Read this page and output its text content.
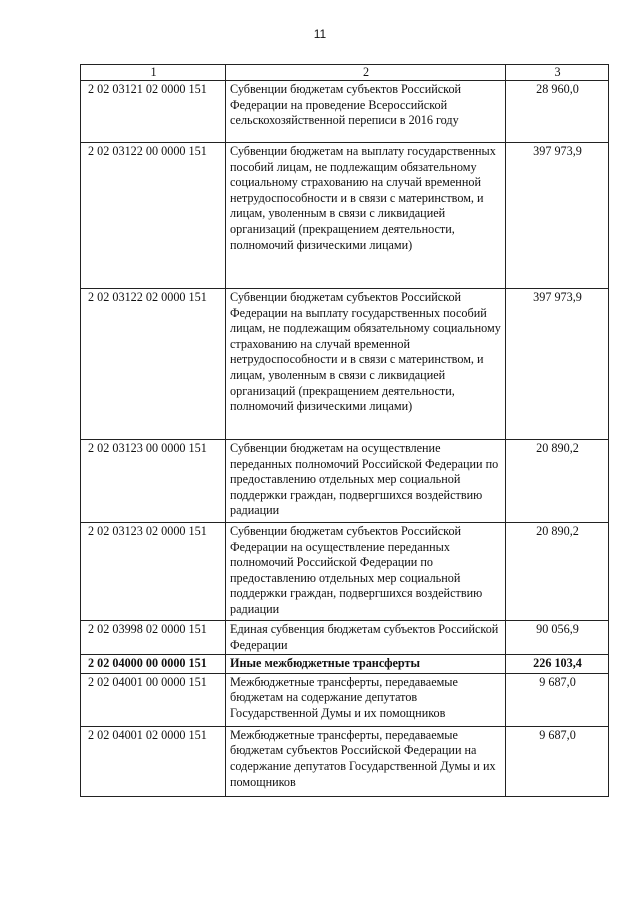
11
1	2	3
2 02 03121 02 0000 151	Субвенции бюджетам субъектов Российской Федерации на проведение Всероссийской сельскохозяйственной переписи в 2016 году	28 960,0
2 02 03122 00 0000 151	Субвенции бюджетам на выплату государственных пособий лицам, не подлежащим обязательному социальному страхованию на случай временной нетрудоспособности и в связи с материнством, и лицам, уволенным в связи с ликвидацией организаций (прекращением деятельности, полномочий физическими лицами)	397 973,9
2 02 03122 02 0000 151	Субвенции бюджетам субъектов Российской Федерации на выплату государственных пособий лицам, не подлежащим обязательному социальному страхованию на случай временной нетрудоспособности и в связи с материнством, и лицам, уволенным в связи с ликвидацией организаций (прекращением деятельности, полномочий физическими лицами)	397 973,9
2 02 03123 00 0000 151	Субвенции бюджетам на осуществление переданных полномочий Российской Федерации по предоставлению отдельных мер социальной поддержки граждан, подвергшихся воздействию радиации	20 890,2
2 02 03123 02 0000 151	Субвенции бюджетам субъектов Российской Федерации на осуществление переданных полномочий Российской Федерации по предоставлению отдельных мер социальной поддержки граждан, подвергшихся воздействию радиации	20 890,2
2 02 03998 02 0000 151	Единая субвенция бюджетам субъектов Российской Федерации	90 056,9
2 02 04000 00 0000 151	Иные межбюджетные трансферты	226 103,4
2 02 04001 00 0000 151	Межбюджетные трансферты, передаваемые бюджетам на содержание депутатов Государственной Думы и их помощников	9 687,0
2 02 04001 02 0000 151	Межбюджетные трансферты, передаваемые бюджетам субъектов Российской Федерации на содержание депутатов Государственной Думы и их помощников	9 687,0
